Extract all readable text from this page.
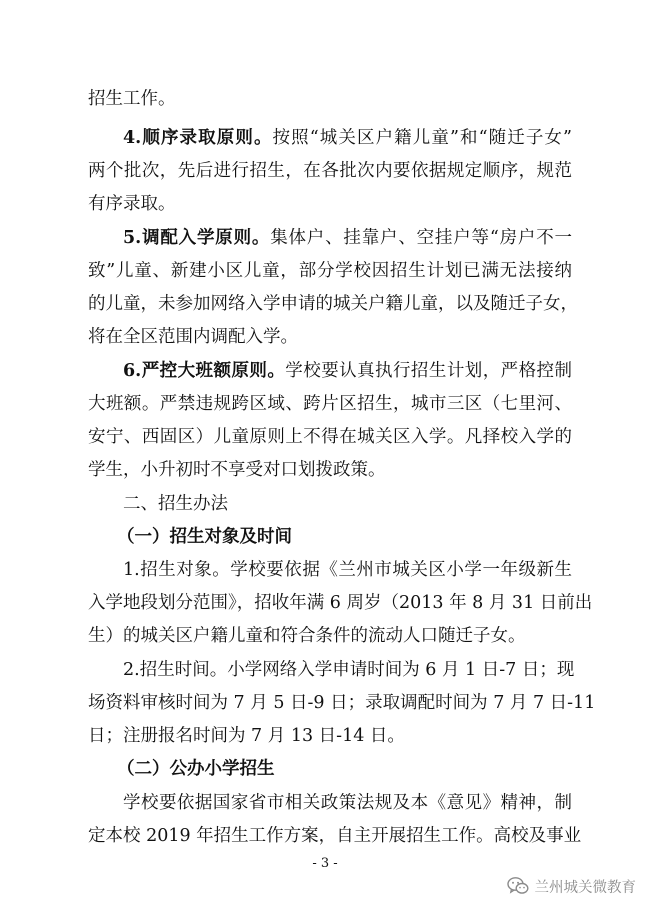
招生工作。
4.顺序录取原则。按照“城关区户籍儿童”和“随迁子女”
两个批次，先后进行招生，在各批次内要依据规定顺序，规范
有序录取。
5.调配入学原则。集体户、挂靠户、空挂户等“房户不一
致”儿童、新建小区儿童，部分学校因招生计划已满无法接纳
的儿童，未参加网络入学申请的城关户籍儿童，以及随迁子女，
将在全区范围内调配入学。
6.严控大班额原则。学校要认真执行招生计划，严格控制
大班额。严禁违规跨区域、跨片区招生，城市三区（七里河、
安宁、西固区）儿童原则上不得在城关区入学。凡择校入学的
学生，小升初时不享受对口划拨政策。
二、招生办法
（一）招生对象及时间
1.招生对象。学校要依据《兰州市城关区小学一年级新生
入学地段划分范围》，招收年满 6 周岁（2013 年 8 月 31 日前出
生）的城关区户籍儿童和符合条件的流动人口随迁子女。
2.招生时间。小学网络入学申请时间为 6 月 1 日-7 日；现
场资料审核时间为 7 月 5 日-9 日；录取调配时间为 7 月 7 日-11
日；注册报名时间为 7 月 13 日-14 日。
（二）公办小学招生
学校要依据国家省市相关政策法规及本《意见》精神，制
定本校 2019 年招生工作方案，自主开展招生工作。高校及事业
- 3 -
兰州城关微教育
